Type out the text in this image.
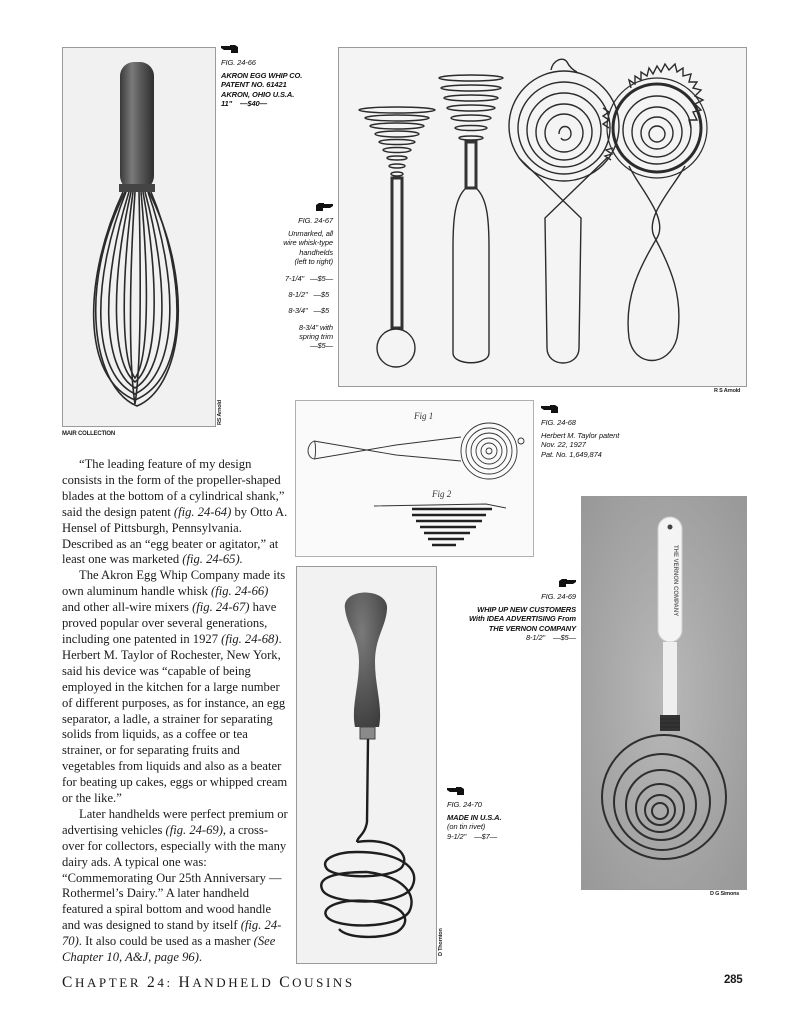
RS Arnold
MAIR COLLECTION
FIG. 24-66
AKRON EGG WHIP CO.
PATENT NO. 61421
AKRON, OHIO U.S.A.
11" —$40—
R S Arnold
FIG. 24-67
Unmarked, all
wire whisk-type
handhelds
(left to right)
7-1/4" —$5—
8-1/2" —$5
8-3/4" —$5
8-3/4" with
spring trim
—$5—
Fig 1
Fig 2
FIG. 24-68
Herbert M. Taylor patent
Nov. 22, 1927
Pat. No. 1,649,874
D Thornton
FIG. 24-70
MADE IN U.S.A.
(on tin rivet)
9-1/2" —$7—
THE VERNON COMPANY
D G Simons
FIG. 24-69
WHIP UP NEW CUSTOMERS
With IDEA ADVERTISING From
THE VERNON COMPANY
8-1/2" —$5—

“The leading feature of my design consists in the form of the propeller-shaped blades at the bottom of a cylindrical shank,” said the design patent (fig. 24-64) by Otto A. Hensel of Pittsburgh, Pennsylvania. Described as an “egg beater or agitator,” at least one was marketed (fig. 24-65).

The Akron Egg Whip Company made its own aluminum handle whisk (fig. 24-66) and other all-wire mixers (fig. 24-67) have proved popular over several generations, including one patented in 1927 (fig. 24-68). Herbert M. Taylor of Rochester, New York, said his device was “capable of being employed in the kitchen for a large number of different purposes, as for instance, an egg separator, a ladle, a strainer for separating solids from liquids, as a coffee or tea strainer, or for separating fruits and vegetables from liquids and also as a beater for beating up cakes, eggs or whipped cream or the like.”

Later handhelds were perfect premium or advertising vehicles (fig. 24-69), a cross-over for collectors, especially with the many dairy ads. A typical one was: “Commemorating Our 25th Anniversary — Rothermel’s Dairy.” A later handheld featured a spiral bottom and wood handle and was designed to stand by itself (fig. 24-70). It also could be used as a masher (See Chapter 10, A&J, page 96).

CHAPTER 24: HANDHELD COUSINS	285
